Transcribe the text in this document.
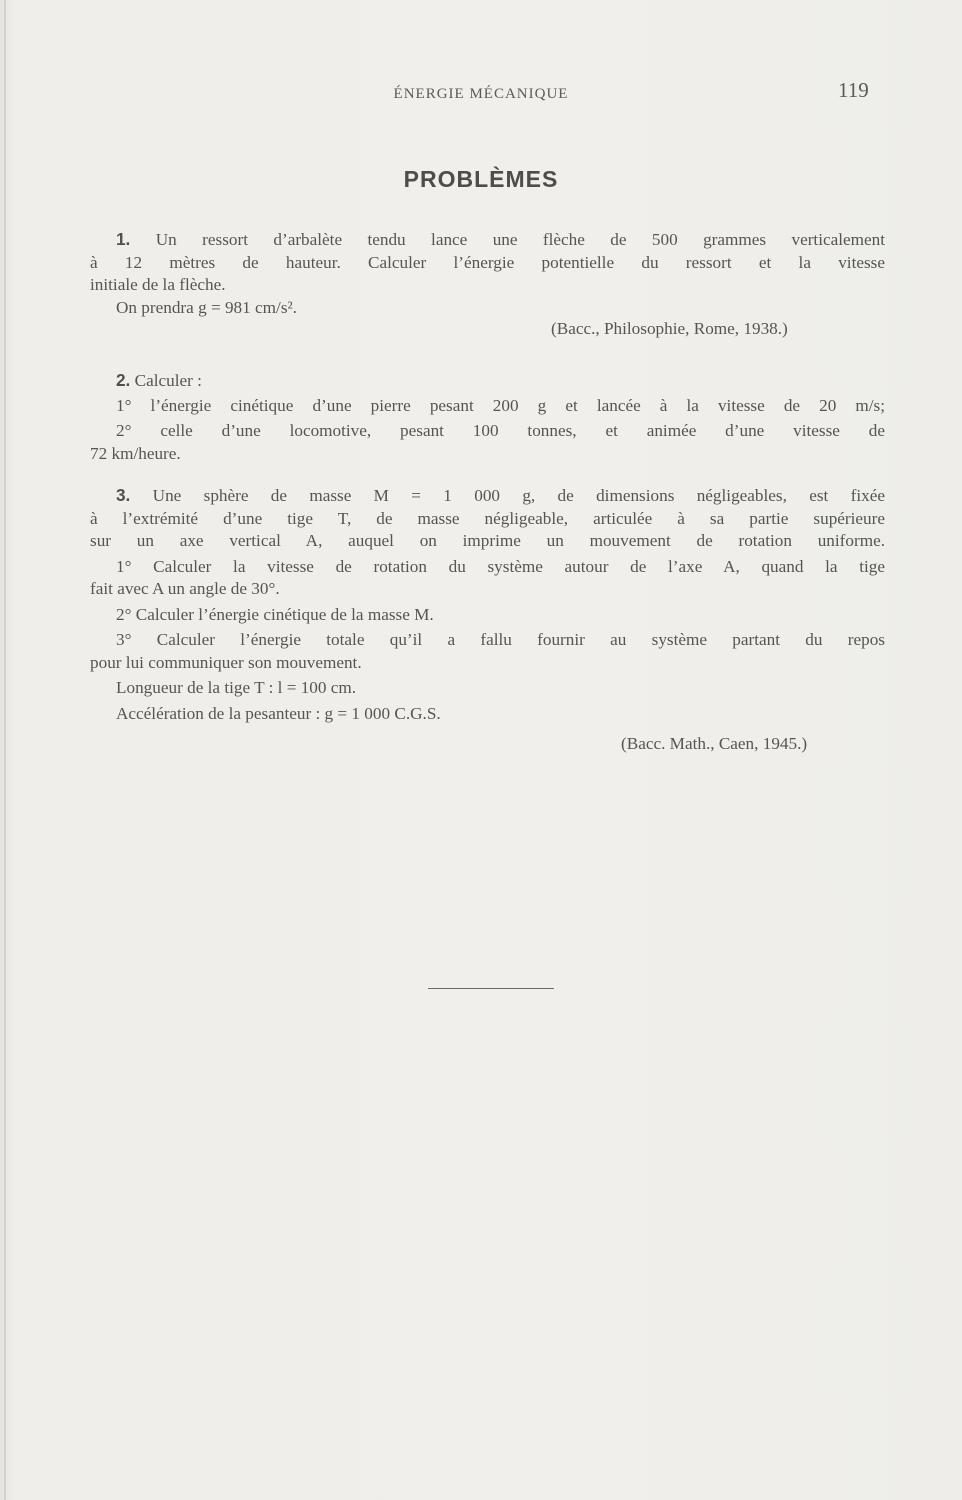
ÉNERGIE MÉCANIQUE	119
PROBLÈMES
1. Un ressort d’arbalète tendu lance une flèche de 500 grammes verticalement
à 12 mètres de hauteur. Calculer l’énergie potentielle du ressort et la vitesse
initiale de la flèche.
On prendra g = 981 cm/s².
(Bacc., Philosophie, Rome, 1938.)
2. Calculer :
1° l’énergie cinétique d’une pierre pesant 200 g et lancée à la vitesse de 20 m/s;
2° celle d’une locomotive, pesant 100 tonnes, et animée d’une vitesse de
72 km/heure.
3. Une sphère de masse M = 1 000 g, de dimensions négligeables, est fixée
à l’extrémité d’une tige T, de masse négligeable, articulée à sa partie supérieure
sur un axe vertical A, auquel on imprime un mouvement de rotation uniforme.
1° Calculer la vitesse de rotation du système autour de l’axe A, quand la tige
fait avec A un angle de 30°.
2° Calculer l’énergie cinétique de la masse M.
3° Calculer l’énergie totale qu’il a fallu fournir au système partant du repos
pour lui communiquer son mouvement.
Longueur de la tige T : l = 100 cm.
Accélération de la pesanteur : g = 1 000 C.G.S.
(Bacc. Math., Caen, 1945.)
